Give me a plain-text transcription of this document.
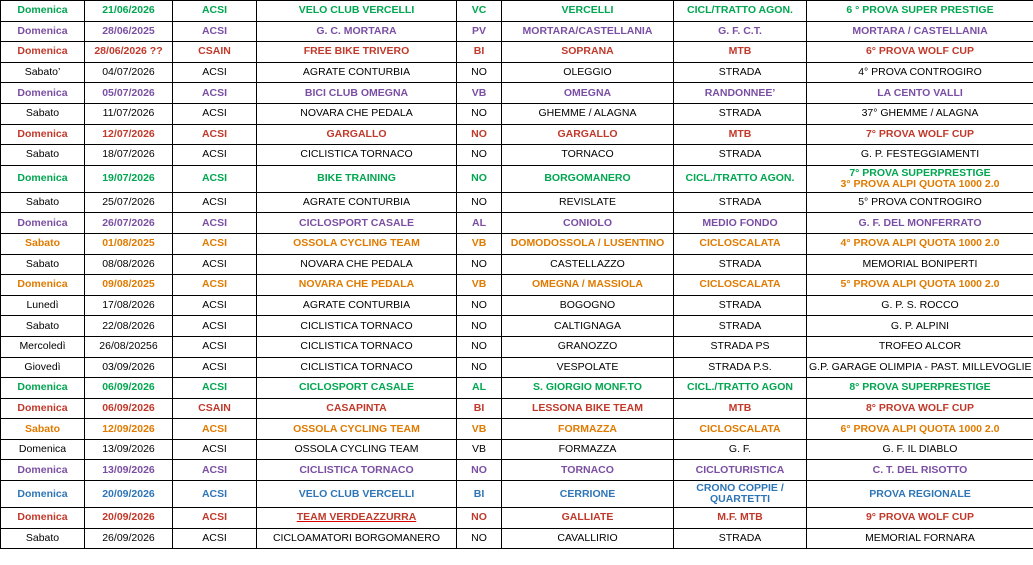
Domenica	21/06/2026	ACSI	VELO CLUB VERCELLI	VC	VERCELLI	CICL/TRATTO AGON.	6 ° PROVA SUPER PRESTIGE
Domenica	28/06/2025	ACSI	G. C. MORTARA	PV	MORTARA/CASTELLANIA	G. F. C.T.	MORTARA / CASTELLANIA
Domenica	28/06/2026 ??	CSAIN	FREE BIKE TRIVERO	BI	SOPRANA	MTB	6° PROVA WOLF CUP
Sabato’	04/07/2026	ACSI	AGRATE CONTURBIA	NO	OLEGGIO	STRADA	4° PROVA CONTROGIRO
Domenica	05/07/2026	ACSI	BICI CLUB OMEGNA	VB	OMEGNA	RANDONNEE’	LA CENTO VALLI
Sabato	11/07/2026	ACSI	NOVARA CHE PEDALA	NO	GHEMME / ALAGNA	STRADA	37° GHEMME / ALAGNA
Domenica	12/07/2026	ACSI	GARGALLO	NO	GARGALLO	MTB	7° PROVA WOLF CUP
Sabato	18/07/2026	ACSI	CICLISTICA TORNACO	NO	TORNACO	STRADA	G. P. FESTEGGIAMENTI
Domenica	19/07/2026	ACSI	BIKE TRAINING	NO	BORGOMANERO	CICL./TRATTO AGON.	7° PROVA SUPERPRESTIGE
3° PROVA ALPI QUOTA 1000 2.0

Sabato	25/07/2026	ACSI	AGRATE CONTURBIA	NO	REVISLATE	STRADA	5° PROVA CONTROGIRO
Domenica	26/07/2026	ACSI	CICLOSPORT CASALE	AL	CONIOLO	MEDIO FONDO	G. F. DEL MONFERRATO
Sabato	01/08/2025	ACSI	OSSOLA CYCLING TEAM	VB	DOMODOSSOLA / LUSENTINO	CICLOSCALATA	4° PROVA ALPI QUOTA 1000 2.0
Sabato	08/08/2026	ACSI	NOVARA CHE PEDALA	NO	CASTELLAZZO	STRADA	MEMORIAL BONIPERTI
Domenica	09/08/2025	ACSI	NOVARA CHE PEDALA	VB	OMEGNA / MASSIOLA	CICLOSCALATA	5° PROVA ALPI QUOTA 1000 2.0
Lunedì	17/08/2026	ACSI	AGRATE CONTURBIA	NO	BOGOGNO	STRADA	G. P. S. ROCCO
Sabato	22/08/2026	ACSI	CICLISTICA TORNACO	NO	CALTIGNAGA	STRADA	G. P. ALPINI
Mercoledì	26/08/20256	ACSI	CICLISTICA TORNACO	NO	GRANOZZO	STRADA PS	TROFEO ALCOR
Giovedì	03/09/2026	ACSI	CICLISTICA TORNACO	NO	VESPOLATE	STRADA P.S.	G.P. GARAGE OLIMPIA - PAST. MILLEVOGLIE
Domenica	06/09/2026	ACSI	CICLOSPORT CASALE	AL	S. GIORGIO MONF.TO	CICL./TRATTO AGON	8° PROVA SUPERPRESTIGE
Domenica	06/09/2026	CSAIN	CASAPINTA	BI	LESSONA BIKE TEAM	MTB	8° PROVA WOLF CUP
Sabato	12/09/2026	ACSI	OSSOLA CYCLING TEAM	VB	FORMAZZA	CICLOSCALATA	6° PROVA ALPI QUOTA 1000 2.0
Domenica	13/09/2026	ACSI	OSSOLA CYCLING TEAM	VB	FORMAZZA	G. F.	G. F. IL DIABLO
Domenica	13/09/2026	ACSI	CICLISTICA TORNACO	NO	TORNACO	CICLOTURISTICA	C. T. DEL RISOTTO
Domenica	20/09/2026	ACSI	VELO CLUB VERCELLI	BI	CERRIONE	CRONO COPPIE / QUARTETTI	PROVA REGIONALE
Domenica	20/09/2026	ACSI	TEAM VERDEAZZURRA	NO	GALLIATE	M.F. MTB	9° PROVA WOLF CUP
Sabato	26/09/2026	ACSI	CICLOAMATORI BORGOMANERO	NO	CAVALLIRIO	STRADA	MEMORIAL FORNARA
